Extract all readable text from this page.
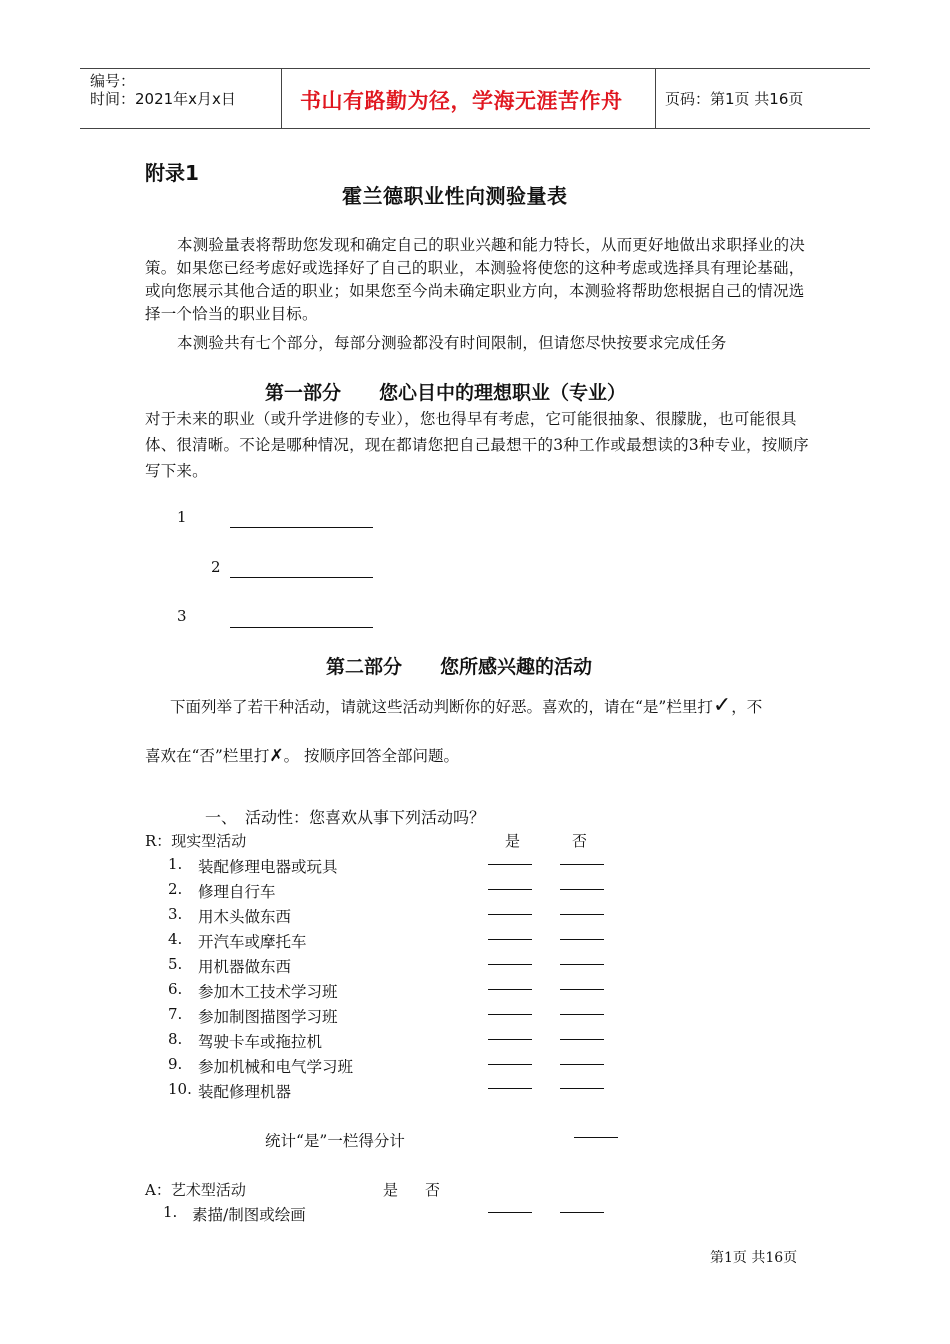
编号：
时间：2021年x月x日	书山有路勤为径，学海无涯苦作舟	页码：第1页 共16页
附录1
霍兰德职业性向测验量表
本测验量表将帮助您发现和确定自己的职业兴趣和能力特长，从而更好地做出求职择业的决策。如果您已经考虑好或选择好了自己的职业，本测验将使您的这种考虑或选择具有理论基础，或向您展示其他合适的职业；如果您至今尚未确定职业方向，本测验将帮助您根据自己的情况选择一个恰当的职业目标。
本测验共有七个部分，每部分测验都没有时间限制，但请您尽快按要求完成任务
第一部分　　您心目中的理想职业（专业）
对于未来的职业（或升学进修的专业），您也得早有考虑，它可能很抽象、很朦胧，也可能很具体、很清晰。不论是哪种情况，现在都请您把自己最想干的3种工作或最想读的3种专业，按顺序写下来。
1
2
3
第二部分　　您所感兴趣的活动
下面列举了若干种活动，请就这些活动判断你的好恶。喜欢的，请在“是”栏里打✓，不
喜欢在“否”栏里打✗。 按顺序回答全部问题。
一、　活动性：您喜欢从事下列活动吗？
R：现实型活动	是	否
1.	装配修理电器或玩具
2.	修理自行车
3.	用木头做东西
4.	开汽车或摩托车
5.	用机器做东西
6.	参加木工技术学习班
7.	参加制图描图学习班
8.	驾驶卡车或拖拉机
9.	参加机械和电气学习班
10. 装配修理机器
统计“是”一栏得分计
A：艺术型活动	是 否
1. 素描/制图或绘画
第1页 共16页
